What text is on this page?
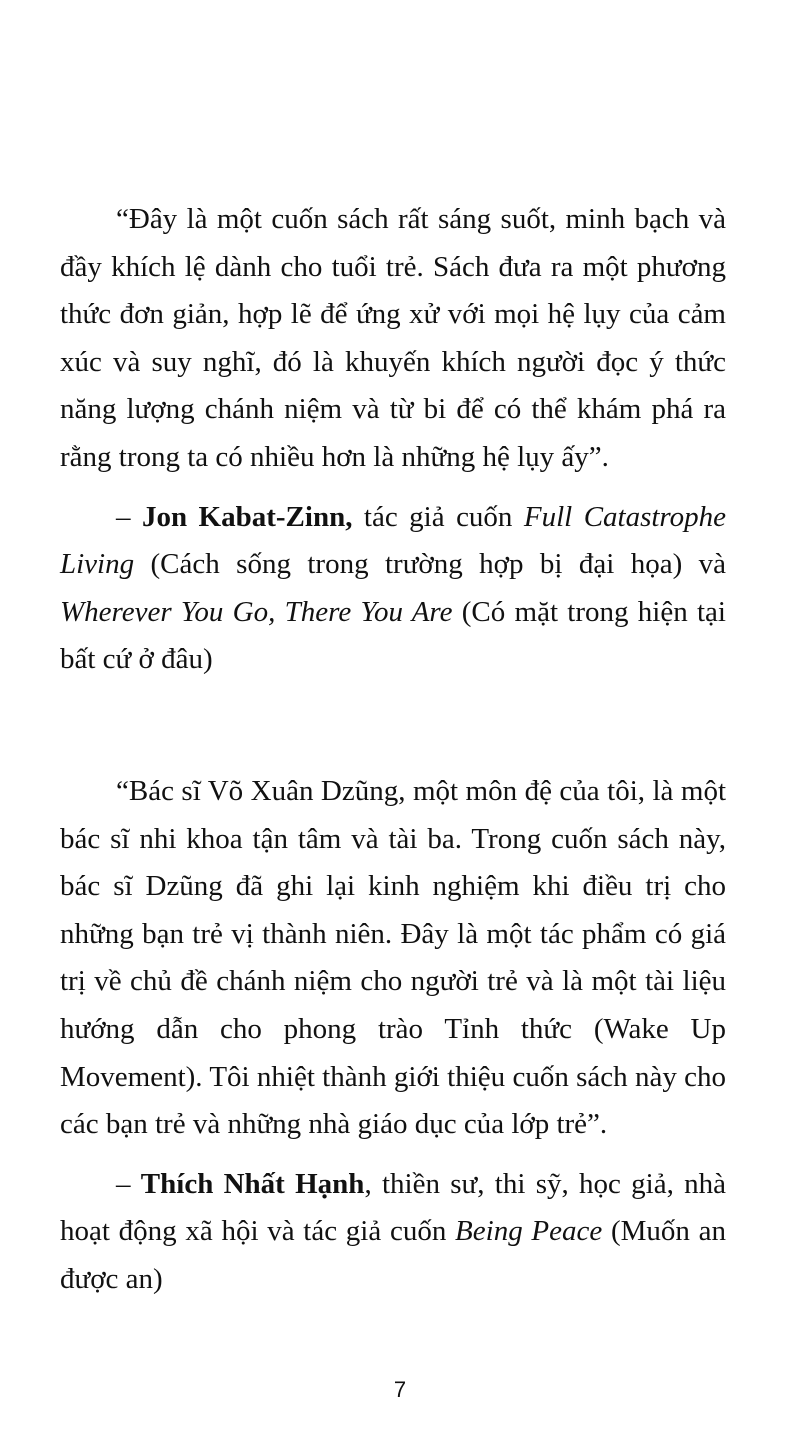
“Đây là một cuốn sách rất sáng suốt, minh bạch và đầy khích lệ dành cho tuổi trẻ. Sách đưa ra một phương thức đơn giản, hợp lẽ để ứng xử với mọi hệ lụy của cảm xúc và suy nghĩ, đó là khuyến khích người đọc ý thức năng lượng chánh niệm và từ bi để có thể khám phá ra rằng trong ta có nhiều hơn là những hệ lụy ấy”.

– Jon Kabat-Zinn, tác giả cuốn Full Catastrophe Living (Cách sống trong trường hợp bị đại họa) và Wherever You Go, There You Are (Có mặt trong hiện tại bất cứ ở đâu)

“Bác sĩ Võ Xuân Dzũng, một môn đệ của tôi, là một bác sĩ nhi khoa tận tâm và tài ba. Trong cuốn sách này, bác sĩ Dzũng đã ghi lại kinh nghiệm khi điều trị cho những bạn trẻ vị thành niên. Đây là một tác phẩm có giá trị về chủ đề chánh niệm cho người trẻ và là một tài liệu hướng dẫn cho phong trào Tỉnh thức (Wake Up Movement). Tôi nhiệt thành giới thiệu cuốn sách này cho các bạn trẻ và những nhà giáo dục của lớp trẻ”.

– Thích Nhất Hạnh, thiền sư, thi sỹ, học giả, nhà hoạt động xã hội và tác giả cuốn Being Peace (Muốn an được an)

7
